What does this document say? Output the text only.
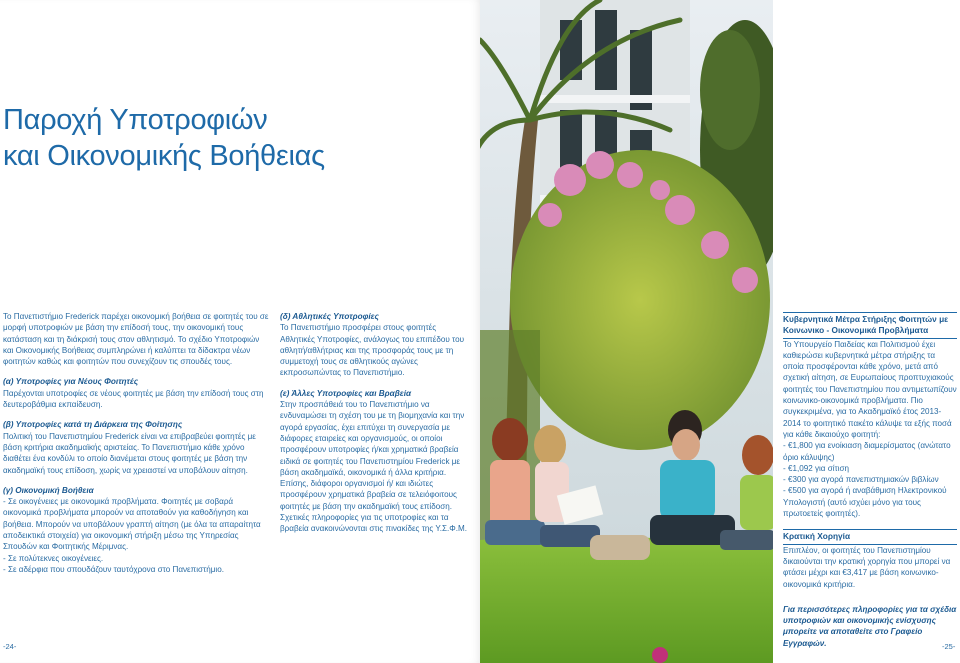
Παροχή Υποτροφιών
και Οικονομικής Βοήθειας

Το Πανεπιστήμιο Frederick παρέχει οικονομική βοήθεια σε φοιτητές του σε μορφή υποτροφιών με βάση την επίδοσή τους, την οικονομική τους κατάσταση και τη διάκρισή τους στον αθλητισμό. Το σχέδιο Υποτροφιών και Οικονομικής Βοήθειας συμπληρώνει ή καλύπτει τα δίδακτρα νέων φοιτητών καθώς και φοιτητών που συνεχίζουν τις σπουδές τους.

(α) Υποτροφίες για Νέους Φοιτητές

Παρέχονται υποτροφίες σε νέους φοιτητές με βάση την επίδοσή τους στη δευτεροβάθμια εκπαίδευση.

(β) Υποτροφίες κατά τη Διάρκεια της Φοίτησης

Πολιτική του Πανεπιστημίου Frederick είναι να επιβραβεύει φοιτητές με βάση κριτήρια ακαδημαϊκής αριστείας. Το Πανεπιστήμιο κάθε χρόνο διαθέτει ένα κονδύλι το οποίο διανέμεται στους φοιτητές με βάση την ακαδημαϊκή τους επίδοση, χωρίς να χρειαστεί να υποβάλουν αίτηση.

(γ) Οικονομική Βοήθεια
- Σε οικογένειες με οικονομικά προβλήματα. Φοιτητές με σοβαρά οικονομικά προβλήματα μπορούν να αποταθούν για καθοδήγηση και βοήθεια. Μπορούν να υποβάλουν γραπτή αίτηση (με όλα τα απαραίτητα αποδεικτικά στοιχεία) για οικονομική στήριξη μέσω της Υπηρεσίας Σπουδών και Φοιτητικής Μέριμνας.
- Σε πολύτεκνες οικογένειες.
- Σε αδέρφια που σπουδάζουν ταυτόχρονα στο Πανεπιστήμιο.
(δ) Αθλητικές Υποτροφίες

Το Πανεπιστήμιο προσφέρει στους φοιτητές Αθλητικές Υποτροφίες, ανάλογως του επιπέδου του αθλητή/αθλήτριας και της προσφοράς τους με τη συμμετοχή τους σε αθλητικούς αγώνες εκπροσωπώντας το Πανεπιστήμιο.

(ε) Άλλες Υποτροφίες και Βραβεία

Στην προσπάθειά του το Πανεπιστήμιο να ενδυναμώσει τη σχέση του με τη βιομηχανία και την αγορά εργασίας, έχει επιτύχει τη συνεργασία με διάφορες εταιρείες και οργανισμούς, οι οποίοι προσφέρουν υποτροφίες ή/και χρηματικά βραβεία ειδικά σε φοιτητές του Πανεπιστημίου Frederick με βάση ακαδημαϊκά, οικονομικά ή άλλα κριτήρια. Επίσης, διάφοροι οργανισμοί ή/ και ιδιώτες προσφέρουν χρηματικά βραβεία σε τελειόφοιτους φοιτητές με βάση την ακαδημαϊκή τους επίδοση. Σχετικές πληροφορίες για τις υποτροφίες και τα βραβεία ανακοινώνονται στις πινακίδες της Υ.Σ.Φ.Μ.

-24-
Κυβερνητικά Μέτρα Στήριξης Φοιτητών με Κοινωνικο - Οικονομικά Προβλήματα

Το Υπουργείο Παιδείας και Πολιτισμού έχει καθιερώσει κυβερνητικά μέτρα στήριξης τα οποία προσφέρονται κάθε χρόνο, μετά από σχετική αίτηση, σε Ευρωπαίους προπτυχιακούς φοιτητές του Πανεπιστημίου που αντιμετωπίζουν κοινωνικο-οικονομικά προβλήματα. Πιο συγκεκριμένα, για το Ακαδημαϊκό έτος 2013-2014 το φοιτητικό πακέτο κάλυψε τα εξής ποσά για κάθε δικαιούχο φοιτητή:

- €1,800 για ενοίκιαση διαμερίσματος (ανώτατο όριο κάλυψης)
- €1,092 για σίτιση
- €300 για αγορά πανεπιστημιακών βιβλίων
- €500 για αγορά ή αναβάθμιση Ηλεκτρονικού Υπολογιστή (αυτό ισχύει μόνο για τους πρωτοετείς φοιτητές).
Κρατική Χορηγία

Επιπλέον, οι φοιτητές του Πανεπιστημίου δικαιούνται την κρατική χορηγία που μπορεί να φτάσει μέχρι και €3,417 με βάση κοινωνικο-οικονομικά κριτήρια.

Για περισσότερες πληροφορίες για τα σχέδια υποτροφιών και οικονομικής ενίσχυσης μπορείτε να αποταθείτε στο Γραφείο Εγγραφών.	-25-
